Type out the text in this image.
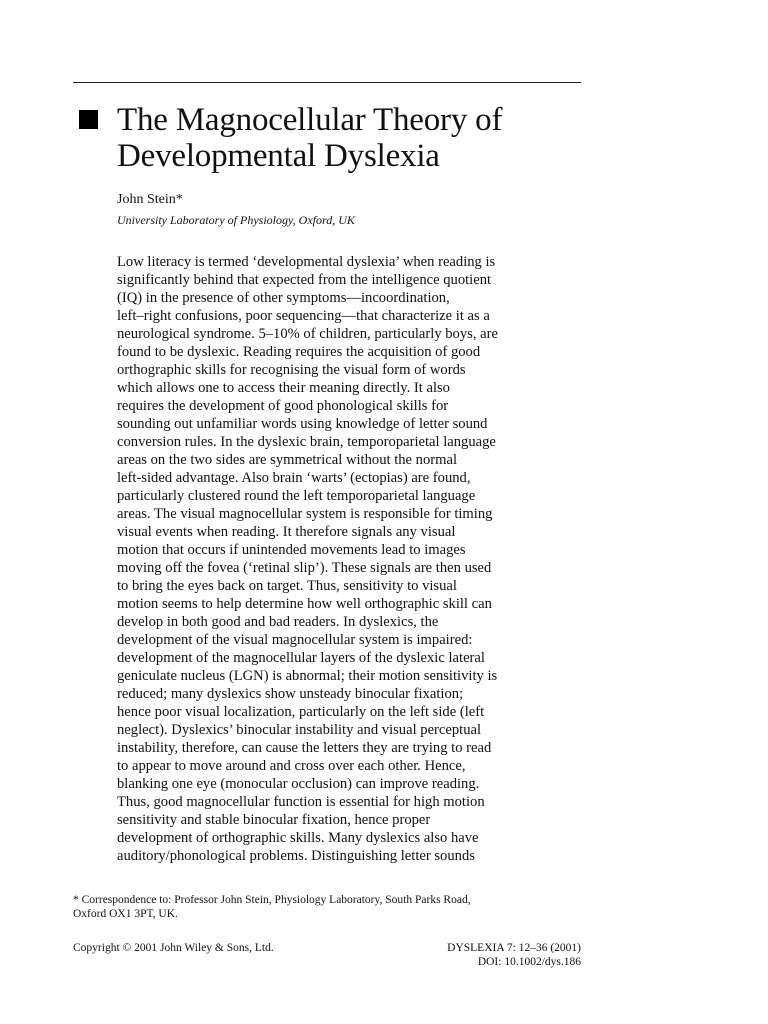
The Magnocellular Theory of
Developmental Dyslexia
John Stein*
University Laboratory of Physiology, Oxford, UK
Low literacy is termed ‘developmental dyslexia’ when reading is
significantly behind that expected from the intelligence quotient
(IQ) in the presence of other symptoms—incoordination,
left–right confusions, poor sequencing—that characterize it as a
neurological syndrome. 5–10% of children, particularly boys, are
found to be dyslexic. Reading requires the acquisition of good
orthographic skills for recognising the visual form of words
which allows one to access their meaning directly. It also
requires the development of good phonological skills for
sounding out unfamiliar words using knowledge of letter sound
conversion rules. In the dyslexic brain, temporoparietal language
areas on the two sides are symmetrical without the normal
left-sided advantage. Also brain ‘warts’ (ectopias) are found,
particularly clustered round the left temporoparietal language
areas. The visual magnocellular system is responsible for timing
visual events when reading. It therefore signals any visual
motion that occurs if unintended movements lead to images
moving off the fovea (‘retinal slip’). These signals are then used
to bring the eyes back on target. Thus, sensitivity to visual
motion seems to help determine how well orthographic skill can
develop in both good and bad readers. In dyslexics, the
development of the visual magnocellular system is impaired:
development of the magnocellular layers of the dyslexic lateral
geniculate nucleus (LGN) is abnormal; their motion sensitivity is
reduced; many dyslexics show unsteady binocular fixation;
hence poor visual localization, particularly on the left side (left
neglect). Dyslexics’ binocular instability and visual perceptual
instability, therefore, can cause the letters they are trying to read
to appear to move around and cross over each other. Hence,
blanking one eye (monocular occlusion) can improve reading.
Thus, good magnocellular function is essential for high motion
sensitivity and stable binocular fixation, hence proper
development of orthographic skills. Many dyslexics also have
auditory/phonological problems. Distinguishing letter sounds
* Correspondence to: Professor John Stein, Physiology Laboratory, South Parks Road,
Oxford OX1 3PT, UK.
Copyright © 2001 John Wiley & Sons, Ltd.	DYSLEXIA 7: 12–36 (2001)
DOI: 10.1002/dys.186
